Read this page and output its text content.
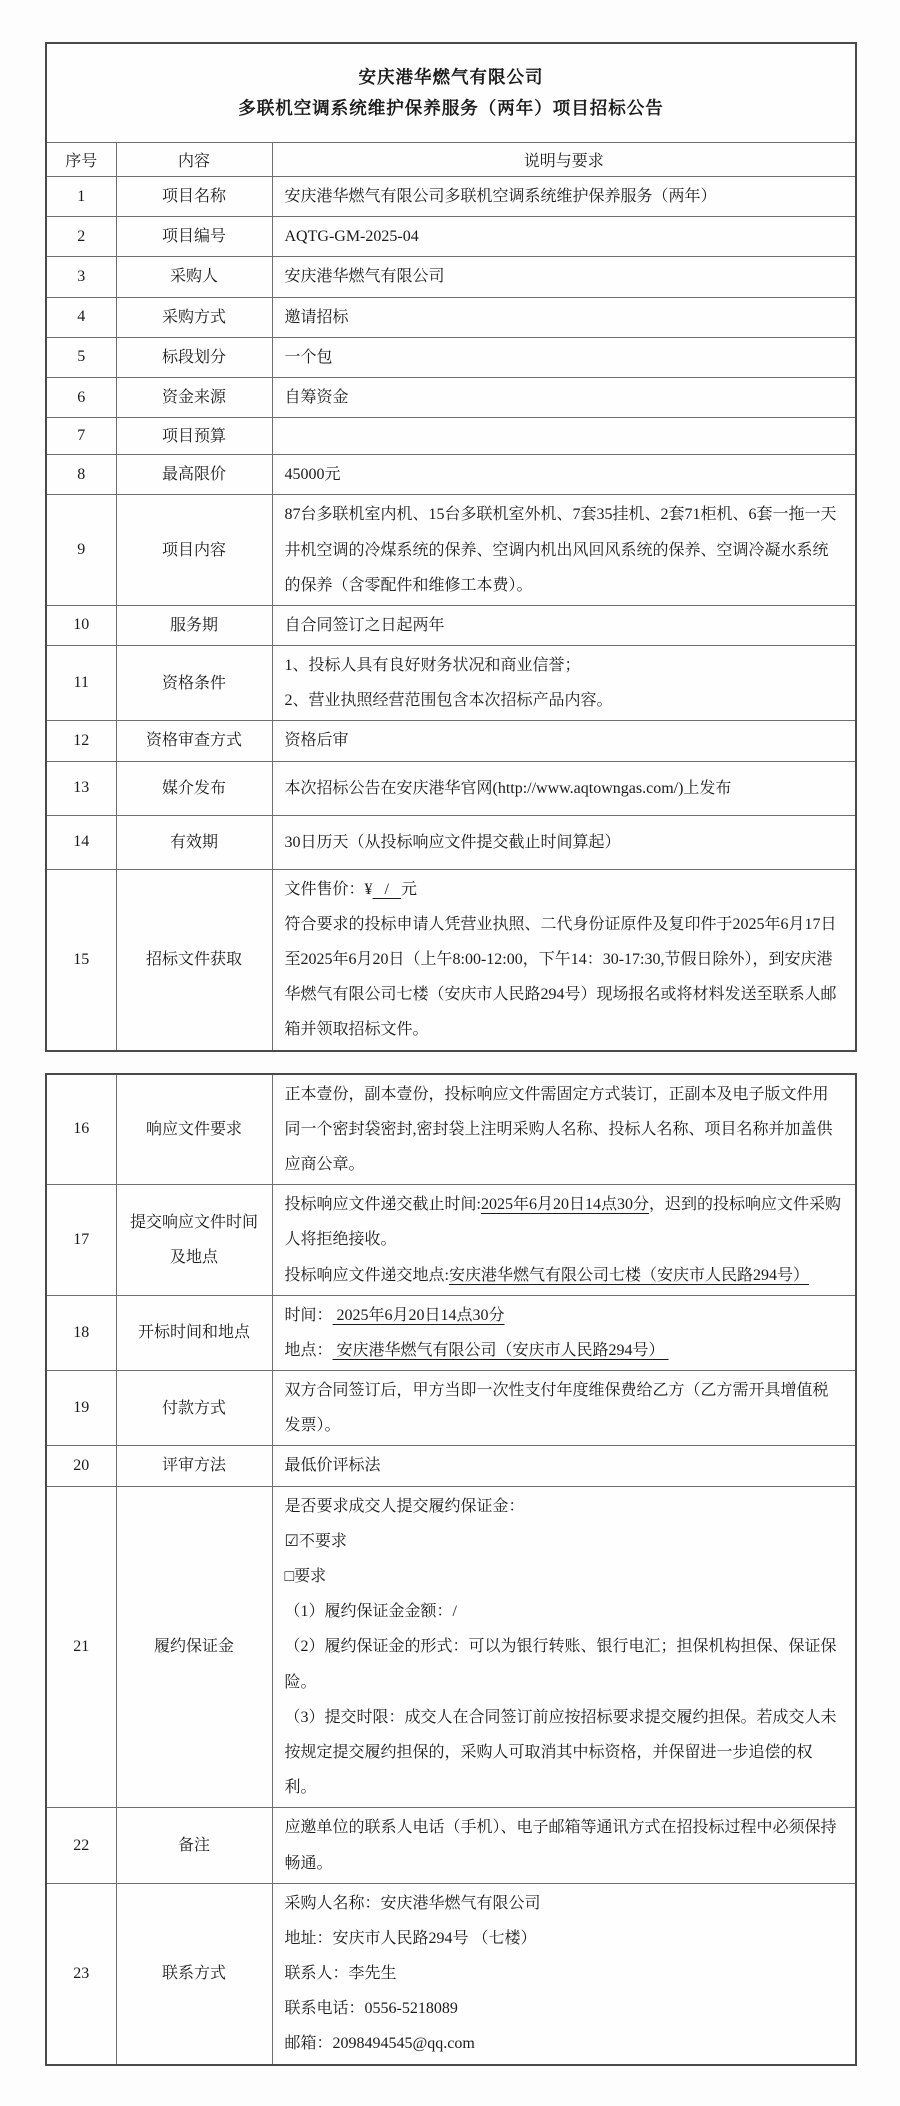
安庆港华燃气有限公司
多联机空调系统维护保养服务（两年）项目招标公告		

序号	内容	说明与要求
1	项目名称	安庆港华燃气有限公司多联机空调系统维护保养服务（两年）
2	项目编号	AQTG-GM-2025-04
3	采购人	安庆港华燃气有限公司
4	采购方式	邀请招标
5	标段划分	一个包
6	资金来源	自筹资金
7	项目预算	
8	最高限价	45000元
9	项目内容	87台多联机室内机、15台多联机室外机、7套35挂机、2套71柜机、6套一拖一天井机空调的冷煤系统的保养、空调内机出风回风系统的保养、空调冷凝水系统的保养（含零配件和维修工本费）。
10	服务期	自合同签订之日起两年
11	资格条件	1、投标人具有良好财务状况和商业信誉；

2、营业执照经营范围包含本次招标产品内容。

12	资格审查方式	资格后审
13	媒介发布	本次招标公告在安庆港华官网(http://www.aqtowngas.com/)上发布
14	有效期	30日历天（从投标响应文件提交截止时间算起）
15	招标文件获取	文件售价：¥   /   元

符合要求的投标申请人凭营业执照、二代身份证原件及复印件于2025年6月17日至2025年6月20日（上午8:00-12:00，下午14：30-17:30,节假日除外），到安庆港华燃气有限公司七楼（安庆市人民路294号）现场报名或将材料发送至联系人邮箱并领取招标文件。

16	响应文件要求	正本壹份，副本壹份，投标响应文件需固定方式装订，正副本及电子版文件用同一个密封袋密封,密封袋上注明采购人名称、投标人名称、项目名称并加盖供应商公章。
17	提交响应文件时间及地点	投标响应文件递交截止时间:2025年6月20日14点30分，迟到的投标响应文件采购人将拒绝接收。

投标响应文件递交地点:安庆港华燃气有限公司七楼（安庆市人民路294号）

18	开标时间和地点	时间： 2025年6月20日14点30分

地点： 安庆港华燃气有限公司（安庆市人民路294号）

19	付款方式	双方合同签订后，甲方当即一次性支付年度维保费给乙方（乙方需开具增值税发票）。
20	评审方法	最低价评标法
21	履约保证金	

是否要求成交人提交履约保证金：

☑不要求

□要求

（1）履约保证金金额：/

（2）履约保证金的形式：可以为银行转账、银行电汇；担保机构担保、保证保险。

（3）提交时限：成交人在合同签订前应按招标要求提交履约担保。若成交人未按规定提交履约担保的，采购人可取消其中标资格，并保留进一步追偿的权利。

22	备注	应邀单位的联系人电话（手机）、电子邮箱等通讯方式在招投标过程中必须保持畅通。
23	联系方式	采购人名称：安庆港华燃气有限公司

地址：安庆市人民路294号 （七楼）

联系人：李先生

联系电话：0556-5218089

邮箱：2098494545@qq.com
